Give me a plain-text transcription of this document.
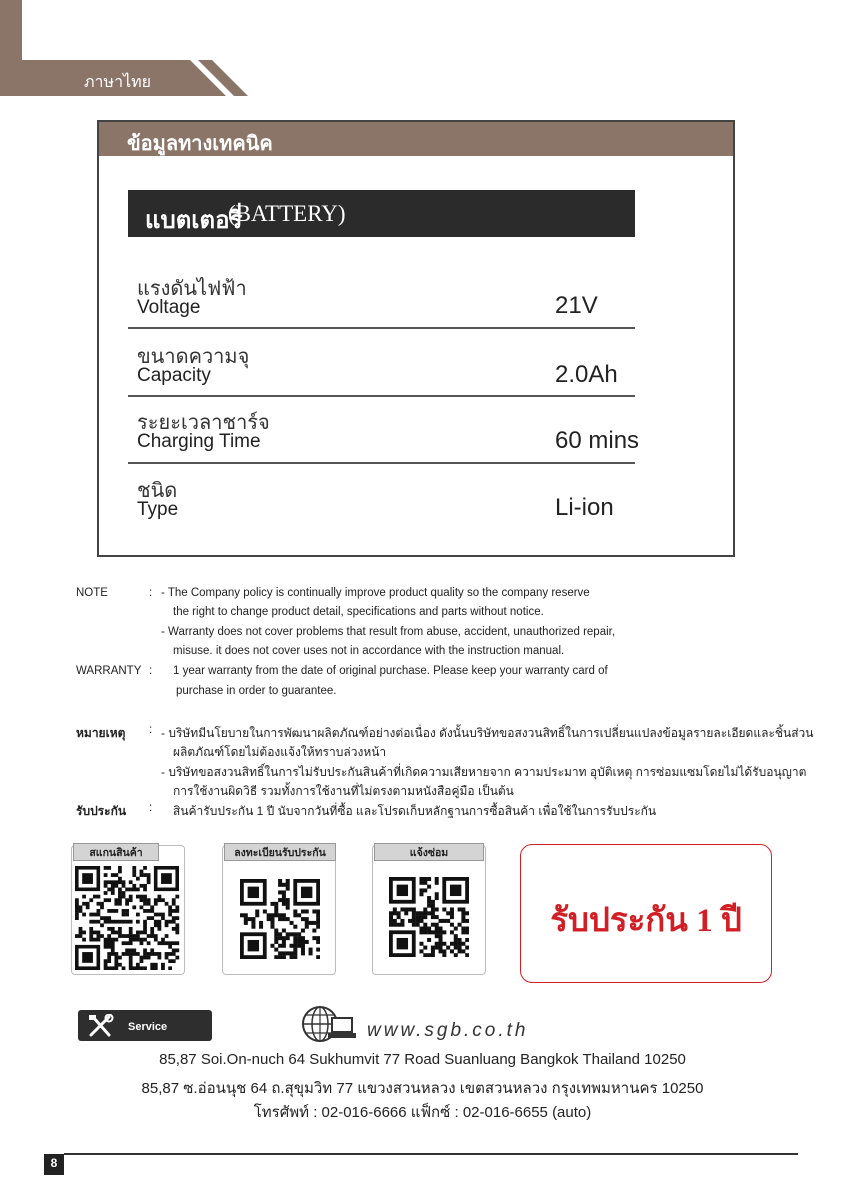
ภาษาไทย
ข้อมูลทางเทคนิค
แบตเตอรี่
(BATTERY)
แรงดันไฟฟ้า
Voltage	21V
ขนาดความจุ
Capacity	2.0Ah
ระยะเวลาชาร์จ
Charging Time	60 mins
ชนิด
Type	Li-ion
NOTE	: - The Company policy is continually improve product quality so the company reserve
the right to change product detail, specifications and parts without notice.
- Warranty does not cover problems that result from abuse, accident, unauthorized repair,
misuse. it does not cover uses not in accordance with the instruction manual.
WARRANTY : 1 year warranty from the date of original purchase. Please keep your warranty card of
purchase in order to guarantee.
หมายเหตุ : - บริษัทมีนโยบายในการพัฒนาผลิตภัณฑ์อย่างต่อเนื่อง ดังนั้นบริษัทขอสงวนสิทธิ์ในการเปลี่ยนแปลงข้อมูลรายละเอียดและชิ้นส่วน
ผลิตภัณฑ์โดยไม่ต้องแจ้งให้ทราบล่วงหน้า
- บริษัทขอสงวนสิทธิ์ในการไม่รับประกันสินค้าที่เกิดความเสียหายจาก ความประมาท อุบัติเหตุ การซ่อมแซมโดยไม่ได้รับอนุญาต
การใช้งานผิดวิธี รวมทั้งการใช้งานที่ไม่ตรงตามหนังสือคู่มือ เป็นต้น
รับประกัน : สินค้ารับประกัน 1 ปี นับจากวันที่ซื้อ และโปรดเก็บหลักฐานการซื้อสินค้า เพื่อใช้ในการรับประกัน
สแกนสินค้า	ลงทะเบียนรับประกัน	แจ้งซ่อม
รับประกัน 1 ปี
Service	www.sgb.co.th
85,87 Soi.On-nuch 64 Sukhumvit 77 Road Suanluang Bangkok Thailand 10250
85,87 ซ.อ่อนนุช 64 ถ.สุขุมวิท 77 แขวงสวนหลวง เขตสวนหลวง กรุงเทพมหานคร 10250
โทรศัพท์ : 02-016-6666 แฟ็กซ์ : 02-016-6655 (auto)
8
